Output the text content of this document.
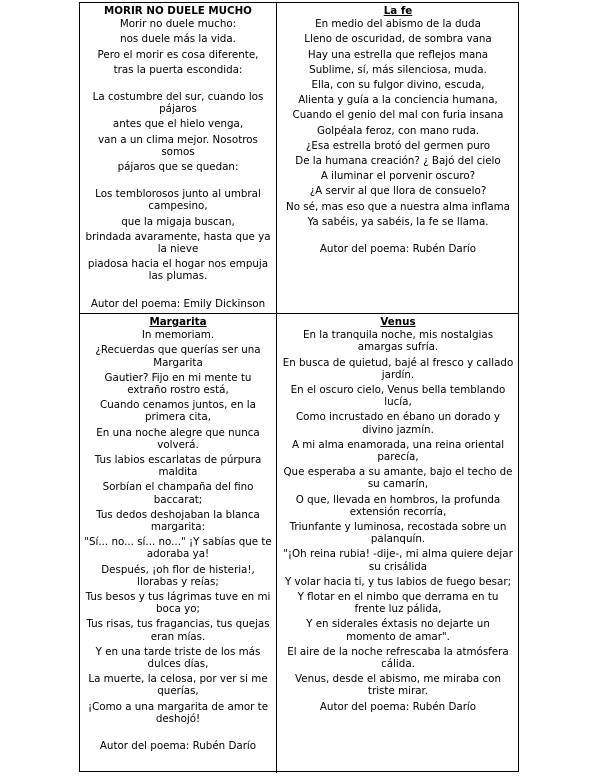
MORIR NO DUELE MUCHO
Morir no duele mucho:
nos duele más la vida.
Pero el morir es cosa diferente,
tras la puerta escondida:
La costumbre del sur, cuando los pájaros
antes que el hielo venga,
van a un clima mejor. Nosotros somos
pájaros que se quedan:
Los temblorosos junto al umbral campesino,
que la migaja buscan,
brindada avaramente, hasta que ya la nieve
piadosa hacia el hogar nos empuja las plumas.
Autor del poema: Emily Dickinson
La fe
En medio del abismo de la duda
Lleno de oscuridad, de sombra vana
Hay una estrella que reflejos mana
Sublime, sí, más silenciosa, muda.
Ella, con su fulgor divino, escuda,
Alienta y guía a la conciencia humana,
Cuando el genio del mal con furia insana
Golpéala feroz, con mano ruda.
¿Esa estrella brotó del germen puro
De la humana creación? ¿ Bajó del cielo
A iluminar el porvenir oscuro?
¿A servir al que llora de consuelo?
No sé, mas eso que a nuestra alma inflama
Ya sabéis, ya sabéis, la fe se llama.
Autor del poema: Rubén Darío
Margarita
In memoriam.
¿Recuerdas que querías ser una Margarita
Gautier? Fijo en mi mente tu extraño rostro está,
Cuando cenamos juntos, en la primera cita,
En una noche alegre que nunca volverá.
Tus labios escarlatas de púrpura maldita
Sorbían el champaña del fino baccarat;
Tus dedos deshojaban la blanca margarita:
"Sí... no... sí... no..." ¡Y sabías que te adoraba ya!
Después, ¡oh flor de histeria!, llorabas y reías;
Tus besos y tus lágrimas tuve en mi boca yo;
Tus risas, tus fragancias, tus quejas eran mías.
Y en una tarde triste de los más dulces días,
La muerte, la celosa, por ver si me querías,
¡Como a una margarita de amor te deshojó!
Autor del poema: Rubén Darío
Venus
En la tranquila noche, mis nostalgias amargas sufría.
En busca de quietud, bajé al fresco y callado jardín.
En el oscuro cielo, Venus bella temblando lucía,
Como incrustado en ébano un dorado y divino jazmín.
A mi alma enamorada, una reina oriental parecía,
Que esperaba a su amante, bajo el techo de su camarín,
O que, llevada en hombros, la profunda extensión recorría,
Triunfante y luminosa, recostada sobre un palanquín.
"¡Oh reina rubia! -dije-, mi alma quiere dejar su crisálida
Y volar hacia ti, y tus labios de fuego besar;
Y flotar en el nimbo que derrama en tu frente luz pálida,
Y en siderales éxtasis no dejarte un momento de amar".
El aire de la noche refrescaba la atmósfera cálida.
Venus, desde el abismo, me miraba con triste mirar.
Autor del poema: Rubén Darío
